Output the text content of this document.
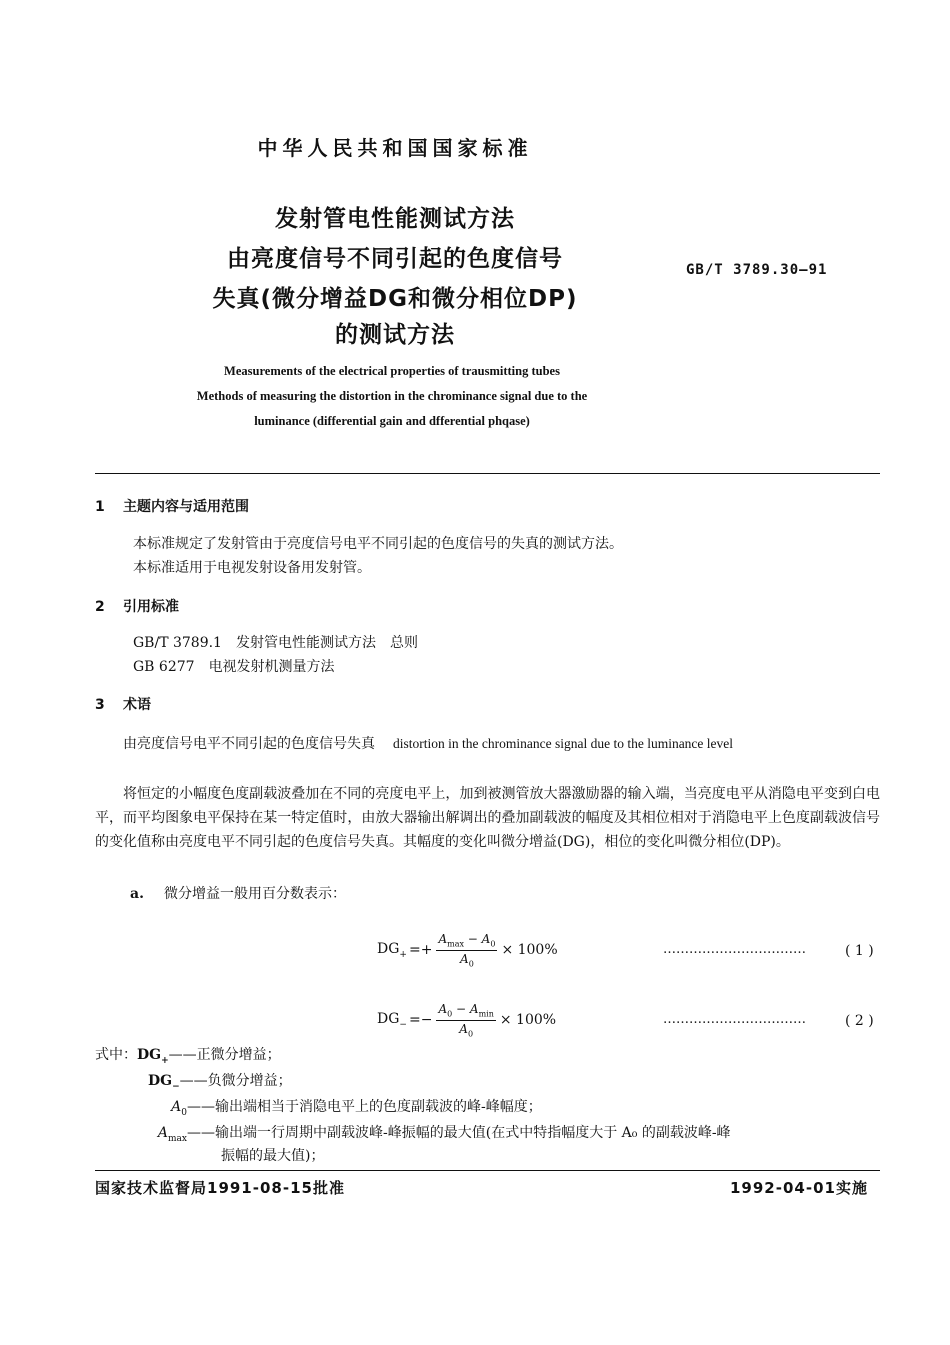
中华人民共和国国家标准
发射管电性能测试方法
由亮度信号不同引起的色度信号
失真(微分增益DG和微分相位DP)
的测试方法
GB/T 3789.30—91
Measurements of the electrical properties of trausmitting tubes
Methods of measuring the distortion in the chrominance signal due to the
luminance (differential gain and dfferential phqase)
1 主题内容与适用范围
本标准规定了发射管由于亮度信号电平不同引起的色度信号的失真的测试方法。
本标准适用于电视发射设备用发射管。
2 引用标准
GB/T 3789.1 发射管电性能测试方法　总则
GB 6277 电视发射机测量方法
3 术语
由亮度信号电平不同引起的色度信号失真 distortion in the chrominance signal due to the luminance level
将恒定的小幅度色度副载波叠加在不同的亮度电平上，加到被测管放大器激励器的输入端，当亮度电平从消隐电平变到白电平，而平均图象电平保持在某一特定值时，由放大器输出解调出的叠加副载波的幅度及其相位相对于消隐电平上色度副载波信号的变化值称由亮度电平不同引起的色度信号失真。其幅度的变化叫微分增益(DG)，相位的变化叫微分相位(DP)。
a. 微分增益一般用百分数表示：
$DG_+ =+ \frac{A_{max} - A_0}{A_0} \times 100\%$	……………………………	( 1 )
$DG_- =- \frac{A_0 - A_{min}}{A_0} \times 100\%$	……………………………	( 2 )
式中：$DG_+——$正微分增益；
$DG_-——$负微分增益；
$A_0——$输出端相当于消隐电平上的色度副载波的峰-峰幅度；
$A_{max}——$输出端一行周期中副载波峰-峰振幅的最大值(在式中特指幅度大于 A₀ 的副载波峰-峰
振幅的最大值)；
国家技术监督局1991-08-15批准	1992-04-01实施
